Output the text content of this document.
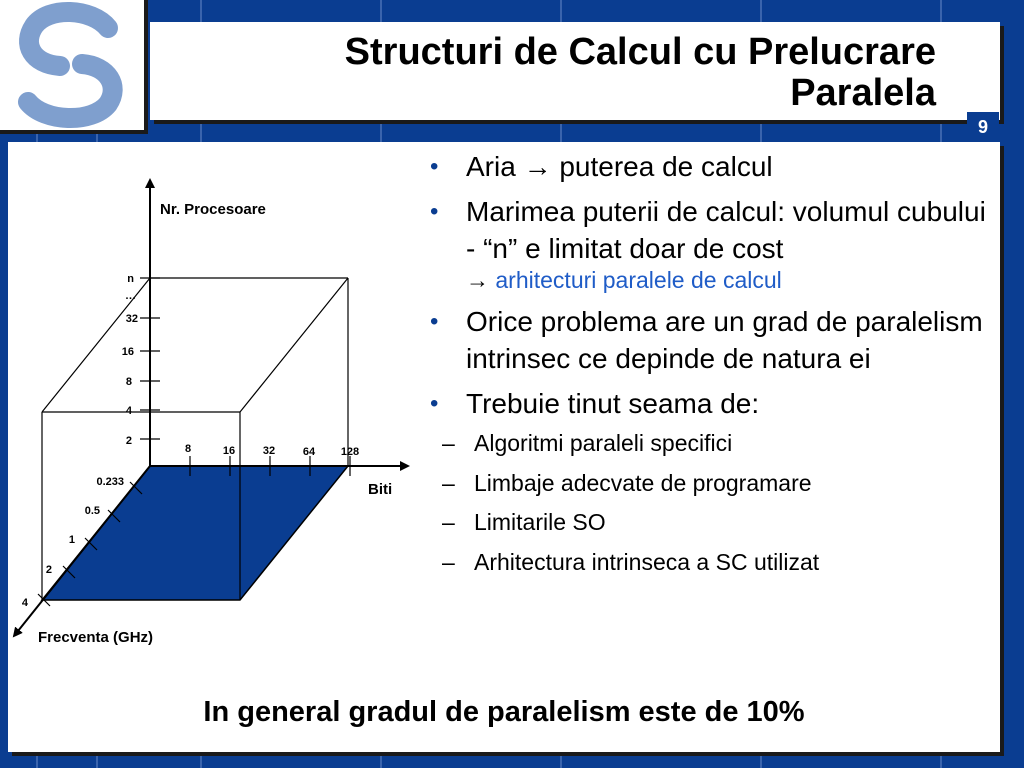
Structuri de Calcul cu Prelucrare
Paralela
9
Nr. Procesoare
Biti
Frecventa (GHz)
2
4
8
16
32
…
n
8	16	32	64 128
0.233
0.5
1
2
4
• Aria → puterea de calcul
• Marimea puterii de calcul: volumul cubului - “n” e limitat doar de cost
→ arhitecturi paralele de calcul
• Orice problema are un grad de paralelism intrinsec ce depinde de natura ei
• Trebuie tinut seama de:
– Algoritmi paraleli specifici
– Limbaje adecvate de programare
– Limitarile SO
– Arhitectura intrinseca a SC utilizat
In general gradul de paralelism este de 10%
